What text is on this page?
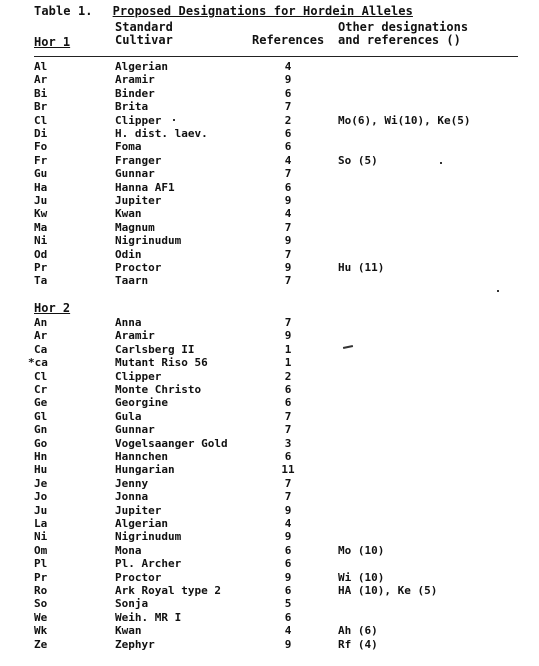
Table 1. Proposed Designations for Hordein Alleles
Standard
Cultivar	References
Other designations
and references ()
Hor 1
Al	Algerian	4
Ar	Aramir	9
Bi	Binder	6
Br	Brita	7
Cl	Clipper	2	Mo(6), Wi(10), Ke(5)
Di	H. dist. laev.	6
Fo	Foma	6
Fr	Franger	4	So (5)
Gu	Gunnar	7
Ha	Hanna AF1	6
Ju	Jupiter	9
Kw	Kwan	4
Ma	Magnum	7
Ni	Nigrinudum	9
Od	Odin	7
Pr	Proctor	9	Hu (11)
Ta	Taarn	7
Hor 2
An	Anna	7
Ar	Aramir	9
Ca	Carlsberg II	1
*ca	Mutant Riso 56	1
Cl	Clipper	2
Cr	Monte Christo	6
Ge	Georgine	6
Gl	Gula	7
Gn	Gunnar	7
Go	Vogelsaanger Gold	3
Hn	Hannchen	6
Hu	Hungarian	11
Je	Jenny	7
Jo	Jonna	7
Ju	Jupiter	9
La	Algerian	4
Ni	Nigrinudum	9
Om	Mona	6	Mo (10)
Pl	Pl. Archer	6
Pr	Proctor	9	Wi (10)
Ro	Ark Royal type 2	6	HA (10), Ke (5)
So	Sonja	5
We	Weih. MR I	6
Wk	Kwan	4	Ah (6)
Ze	Zephyr	9	Rf (4)
